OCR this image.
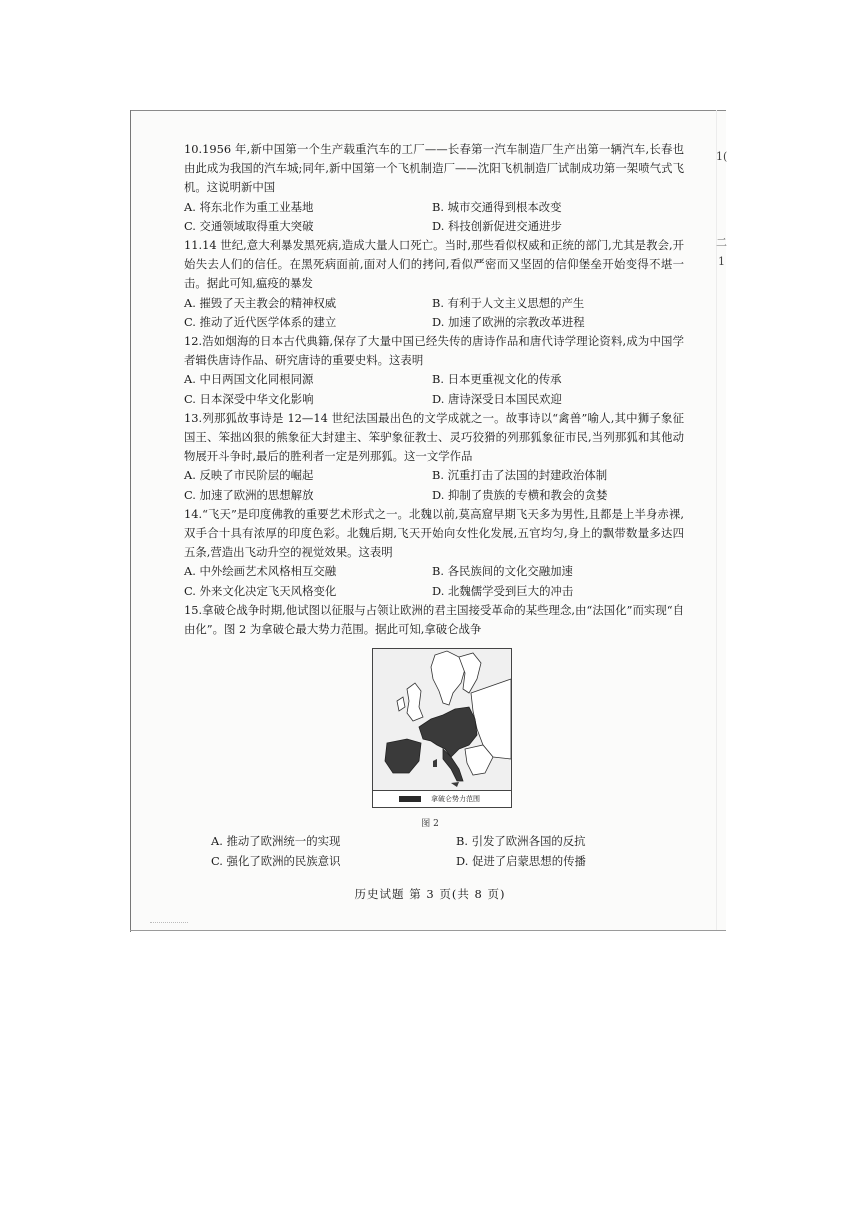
1(
二
1
10.1956 年,新中国第一个生产载重汽车的工厂——长春第一汽车制造厂生产出第一辆汽车,长春也由此成为我国的汽车城;同年,新中国第一个飞机制造厂——沈阳飞机制造厂试制成功第一架喷气式飞机。这说明新中国
A. 将东北作为重工业基地	B. 城市交通得到根本改变
C. 交通领域取得重大突破	D. 科技创新促进交通进步
11.14 世纪,意大利暴发黑死病,造成大量人口死亡。当时,那些看似权威和正统的部门,尤其是教会,开始失去人们的信任。在黑死病面前,面对人们的拷问,看似严密而又坚固的信仰堡垒开始变得不堪一击。据此可知,瘟疫的暴发
A. 摧毁了天主教会的精神权威	B. 有利于人文主义思想的产生
C. 推动了近代医学体系的建立	D. 加速了欧洲的宗教改革进程
12.浩如烟海的日本古代典籍,保存了大量中国已经失传的唐诗作品和唐代诗学理论资料,成为中国学者辑佚唐诗作品、研究唐诗的重要史料。这表明
A. 中日两国文化同根同源	B. 日本更重视文化的传承
C. 日本深受中华文化影响	D. 唐诗深受日本国民欢迎
13.列那狐故事诗是 12—14 世纪法国最出色的文学成就之一。故事诗以“禽兽”喻人,其中狮子象征国王、笨拙凶狠的熊象征大封建主、笨驴象征教士、灵巧狡猾的列那狐象征市民,当列那狐和其他动物展开斗争时,最后的胜利者一定是列那狐。这一文学作品
A. 反映了市民阶层的崛起	B. 沉重打击了法国的封建政治体制
C. 加速了欧洲的思想解放	D. 抑制了贵族的专横和教会的贪婪
14.“飞天”是印度佛教的重要艺术形式之一。北魏以前,莫高窟早期飞天多为男性,且都是上半身赤裸,双手合十具有浓厚的印度色彩。北魏后期,飞天开始向女性化发展,五官均匀,身上的飘带数量多达四五条,营造出飞动升空的视觉效果。这表明
A. 中外绘画艺术风格相互交融	B. 各民族间的文化交融加速
C. 外来文化决定飞天风格变化	D. 北魏儒学受到巨大的冲击
15.拿破仑战争时期,他试图以征服与占领让欧洲的君主国接受革命的某些理念,由“法国化”而实现“自由化”。图 2 为拿破仑最大势力范围。据此可知,拿破仑战争
拿破仑势力范围
图 2
A. 推动了欧洲统一的实现	B. 引发了欧洲各国的反抗
C. 强化了欧洲的民族意识	D. 促进了启蒙思想的传播
历史试题 第 3 页(共 8 页)
